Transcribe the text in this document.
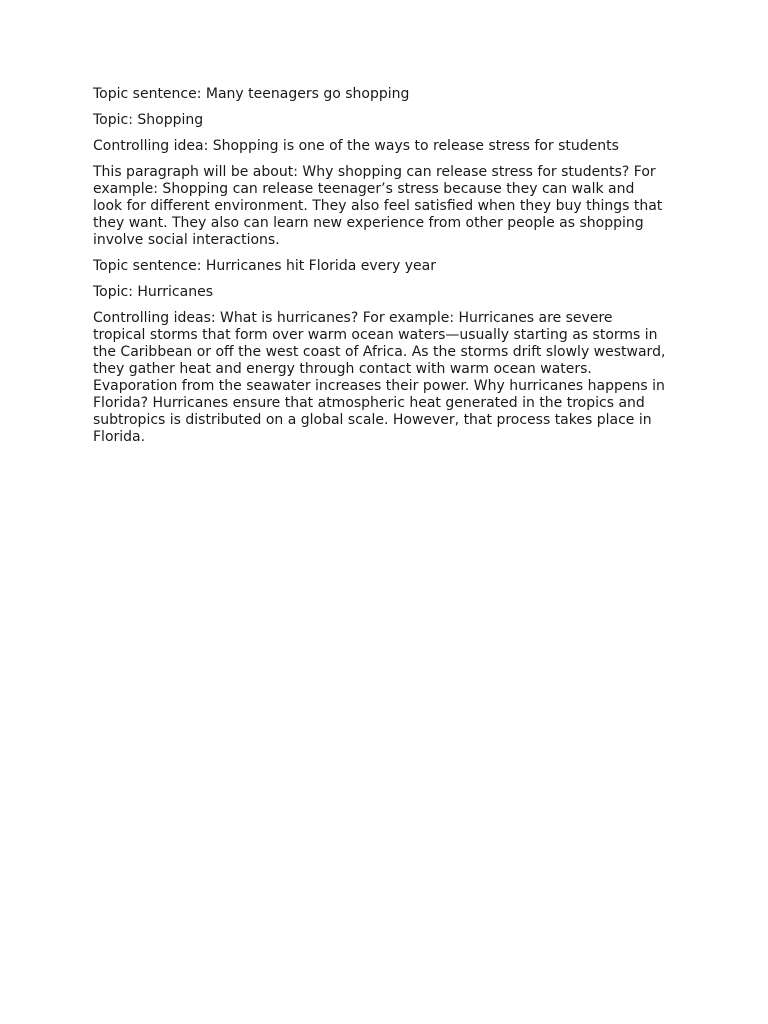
Topic sentence: Many teenagers go shopping

Topic: Shopping

Controlling idea: Shopping is one of the ways to release stress for students

This paragraph will be about: Why shopping can release stress for students? For
example: Shopping can release teenager’s stress because they can walk and
look for different environment. They also feel satisfied when they buy things that
they want. They also can learn new experience from other people as shopping
involve social interactions.

Topic sentence: Hurricanes hit Florida every year

Topic: Hurricanes

Controlling ideas: What is hurricanes? For example: Hurricanes are severe
tropical storms that form over warm ocean waters—usually starting as storms in
the Caribbean or off the west coast of Africa. As the storms drift slowly westward,
they gather heat and energy through contact with warm ocean waters.
Evaporation from the seawater increases their power. Why hurricanes happens in
Florida? Hurricanes ensure that atmospheric heat generated in the tropics and
subtropics is distributed on a global scale. However, that process takes place in
Florida.
